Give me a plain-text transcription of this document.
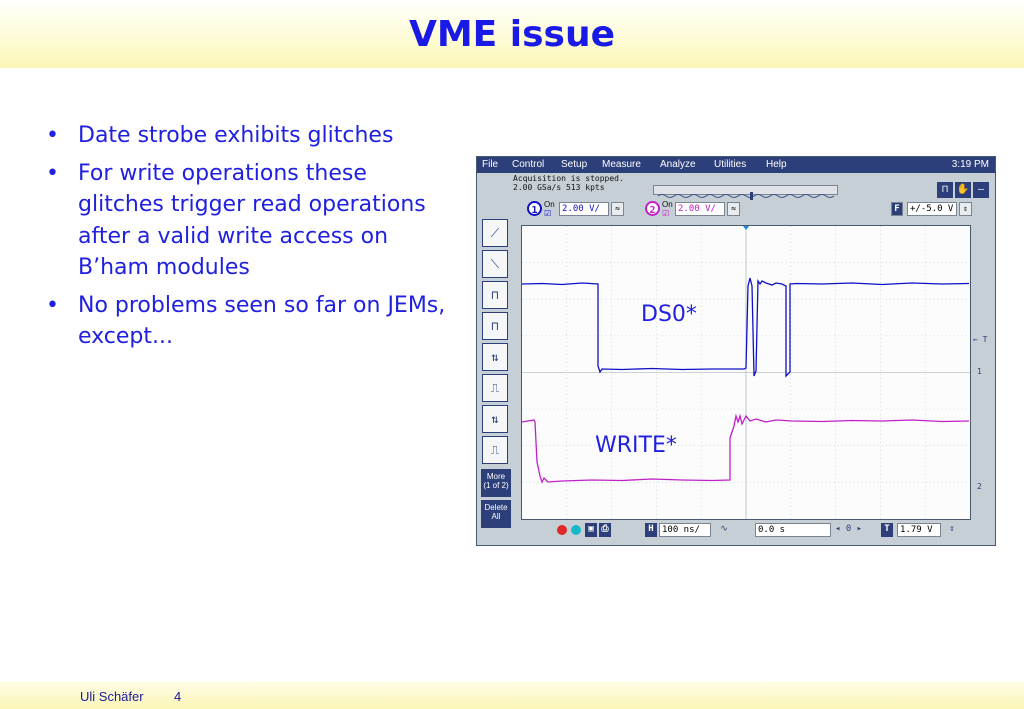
VME issue
• Date strobe exhibits glitches
• For write operations these glitches trigger read operations after a valid write access on B’ham modules
• No problems seen so far on JEMs, except...
File Control Setup Measure Analyze Utilities Help	3:19 PM
Acquisition is stopped.
2.00 GSa/s 513 kpts	⊓ ✋ –
1
On
☑	2.00 V/	≈	2
On
☑ 2.00 V/	≈	F	+/-5.0 V	⇕
⟋
⟍
⊓
⊓
⇅
⎍
⇅
⎍
More
(1 of 2)
Delete
All
← T
1
2
▣ ⎙	H 100 ns/	∿	0.0 s	◂ 0 ▸	T	1.79 V	⇕
DS0*
WRITE*
Uli Schäfer 4
